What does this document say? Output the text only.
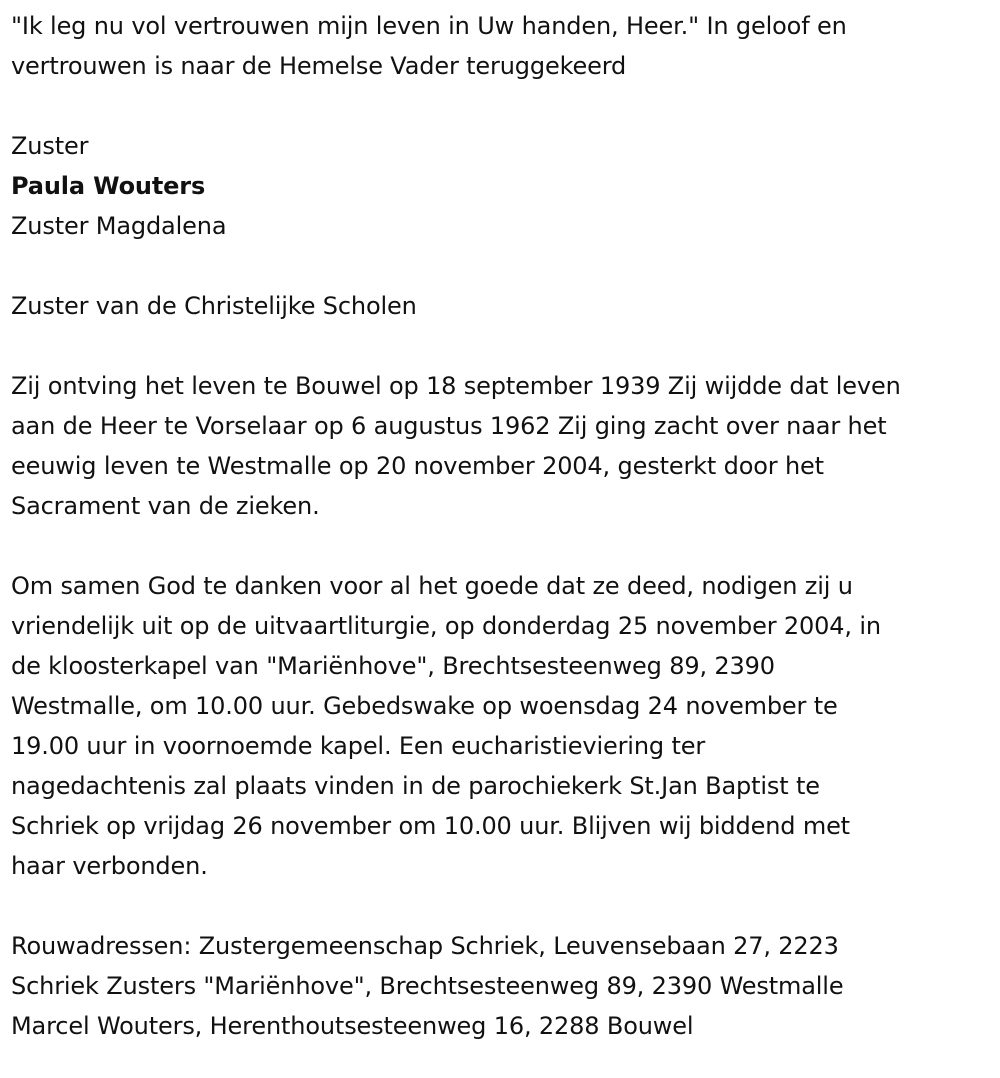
"Ik leg nu vol vertrouwen mijn leven in Uw handen, Heer." In geloof en
vertrouwen is naar de Hemelse Vader teruggekeerd

Zuster
Paula Wouters
Zuster Magdalena

Zuster van de Christelijke Scholen

Zij ontving het leven te Bouwel op 18 september 1939 Zij wijdde dat leven
aan de Heer te Vorselaar op 6 augustus 1962 Zij ging zacht over naar het
eeuwig leven te Westmalle op 20 november 2004, gesterkt door het
Sacrament van de zieken.

Om samen God te danken voor al het goede dat ze deed, nodigen zij u
vriendelijk uit op de uitvaartliturgie, op donderdag 25 november 2004, in
de kloosterkapel van "Mariënhove", Brechtsesteenweg 89, 2390
Westmalle, om 10.00 uur. Gebedswake op woensdag 24 november te
19.00 uur in voornoemde kapel. Een eucharistieviering ter
nagedachtenis zal plaats vinden in de parochiekerk St.Jan Baptist te
Schriek op vrijdag 26 november om 10.00 uur. Blijven wij biddend met
haar verbonden.

Rouwadressen: Zustergemeenschap Schriek, Leuvensebaan 27, 2223
Schriek Zusters "Mariënhove", Brechtsesteenweg 89, 2390 Westmalle
Marcel Wouters, Herenthoutsesteenweg 16, 2288 Bouwel
